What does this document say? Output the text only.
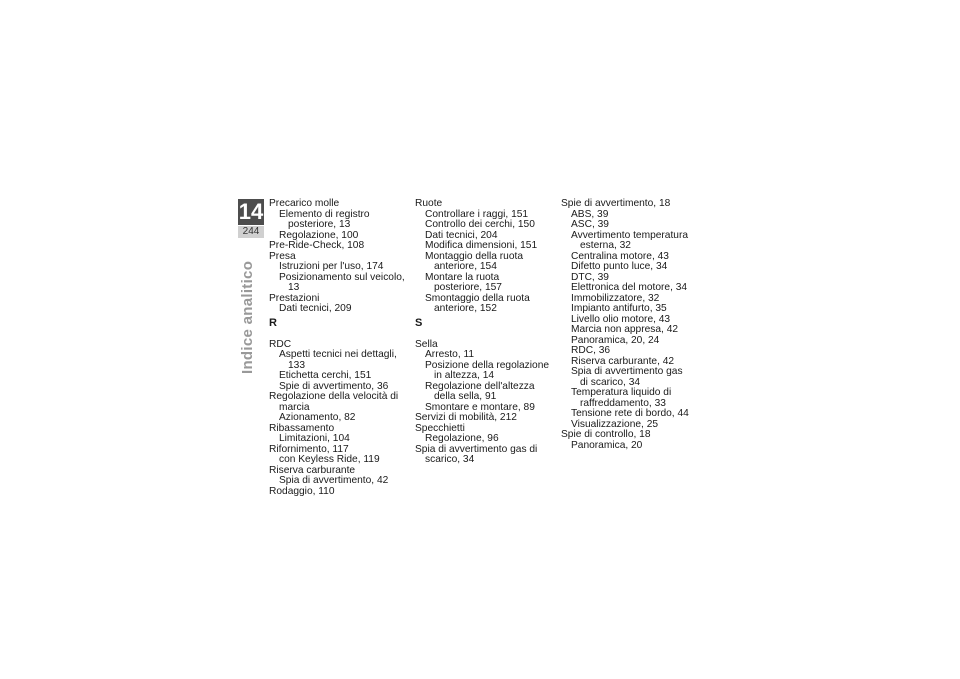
14
244
Indice analitico

Precarico molle

Elemento di registro posteriore, 13

Regolazione, 100

Pre-Ride-Check, 108

Presa

Istruzioni per l'uso, 174

Posizionamento sul veicolo, 13

Prestazioni

Dati tecnici, 209

R

RDC

Aspetti tecnici nei dettagli, 133

Etichetta cerchi, 151

Spie di avvertimento, 36

Regolazione della velocità di marcia

Azionamento, 82

Ribassamento

Limitazioni, 104

Rifornimento, 117

con Keyless Ride, 119

Riserva carburante

Spia di avvertimento, 42

Rodaggio, 110

Ruote

Controllare i raggi, 151

Controllo dei cerchi, 150

Dati tecnici, 204

Modifica dimensioni, 151

Montaggio della ruota anteriore, 154

Montare la ruota posteriore, 157

Smontaggio della ruota anteriore, 152

S

Sella

Arresto, 11

Posizione della regolazione in altezza, 14

Regolazione dell'altezza della sella, 91

Smontare e montare, 89

Servizi di mobilità, 212

Specchietti

Regolazione, 96

Spia di avvertimento gas di scarico, 34

Spie di avvertimento, 18

ABS, 39

ASC, 39

Avvertimento temperatura esterna, 32

Centralina motore, 43

Difetto punto luce, 34

DTC, 39

Elettronica del motore, 34

Immobilizzatore, 32

Impianto antifurto, 35

Livello olio motore, 43

Marcia non appresa, 42

Panoramica, 20, 24

RDC, 36

Riserva carburante, 42

Spia di avvertimento gas di scarico, 34

Temperatura liquido di raffreddamento, 33

Tensione rete di bordo, 44

Visualizzazione, 25

Spie di controllo, 18

Panoramica, 20
